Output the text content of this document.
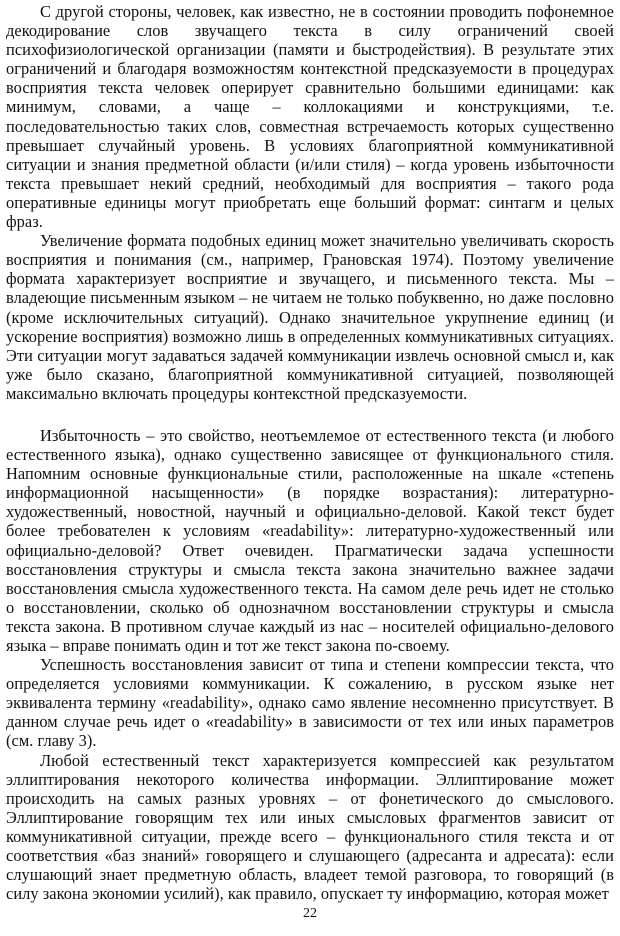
С другой стороны, человек, как известно, не в состоянии проводить пофонемное декодирование слов звучащего текста в силу ограничений своей психофизиологической организации (памяти и быстродействия). В результате этих ограничений и благодаря возможностям контекстной предсказуемости в процедурах восприятия текста человек оперирует сравнительно большими единицами: как минимум, словами, а чаще – коллокациями и конструкциями, т.е. последовательностью таких слов, совместная встречаемость которых существенно превышает случайный уровень. В условиях благоприятной коммуникативной ситуации и знания предметной области (и/или стиля) – когда уровень избыточности текста превышает некий средний, необходимый для восприятия – такого рода оперативные единицы могут приобретать еще больший формат: синтагм и целых фраз.

Увеличение формата подобных единиц может значительно увеличивать скорость восприятия и понимания (см., например, Грановская 1974). Поэтому увеличение формата характеризует восприятие и звучащего, и письменного текста. Мы – владеющие письменным языком – не читаем не только побуквенно, но даже пословно (кроме исключительных ситуаций). Однако значительное укрупнение единиц (и ускорение восприятия) возможно лишь в определенных коммуникативных ситуациях. Эти ситуации могут задаваться задачей коммуникации извлечь основной смысл и, как уже было сказано, благоприятной коммуникативной ситуацией, позволяющей максимально включать процедуры контекстной предсказуемости.

Избыточность – это свойство, неотъемлемое от естественного текста (и любого естественного языка), однако существенно зависящее от функционального стиля. Напомним основные функциональные стили, расположенные на шкале «степень информационной насыщенности» (в порядке возрастания): литературно-художественный, новостной, научный и официально-деловой. Какой текст будет более требователен к условиям «readability»: литературно-художественный или официально-деловой? Ответ очевиден. Прагматически задача успешности восстановления структуры и смысла текста закона значительно важнее задачи восстановления смысла художественного текста. На самом деле речь идет не столько о восстановлении, сколько об однозначном восстановлении структуры и смысла текста закона. В противном случае каждый из нас – носителей официально-делового языка – вправе понимать один и тот же текст закона по-своему.

Успешность восстановления зависит от типа и степени компрессии текста, что определяется условиями коммуникации. К сожалению, в русском языке нет эквивалента термину «readability», однако само явление несомненно присутствует. В данном случае речь идет о «readability» в зависимости от тех или иных параметров (см. главу 3).

Любой естественный текст характеризуется компрессией как результатом эллиптирования некоторого количества информации. Эллиптирование может происходить на самых разных уровнях – от фонетического до смыслового. Эллиптирование говорящим тех или иных смысловых фрагментов зависит от коммуникативной ситуации, прежде всего – функционального стиля текста и от соответствия «баз знаний» говорящего и слушающего (адресанта и адресата): если слушающий знает предметную область, владеет темой разговора, то говорящий (в силу закона экономии усилий), как правило, опускает ту информацию, которая может

22
